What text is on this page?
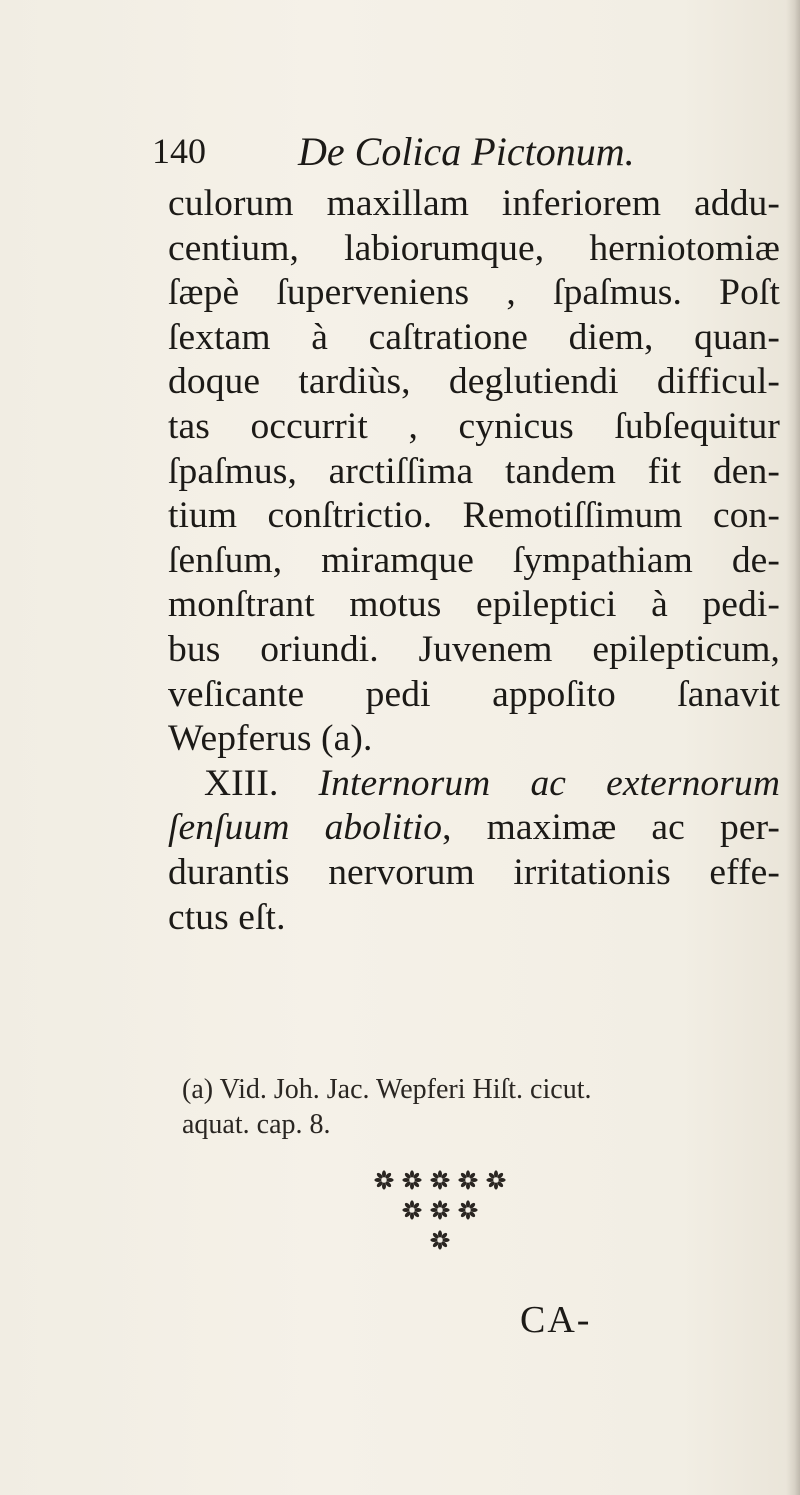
140 De Colica Pictonum.
culorum maxillam inferiorem addu-
centium, labiorumque, herniotomiæ
ſæpè ſuperveniens , ſpaſmus. Poſt
ſextam à caſtratione diem, quan-
doque tardiùs, deglutiendi difficul-
tas occurrit , cynicus ſubſequitur
ſpaſmus, arctiſſima tandem fit den-
tium conſtrictio. Remotiſſimum con-
ſenſum, miramque ſympathiam de-
monſtrant motus epileptici à pedi-
bus oriundi. Juvenem epilepticum,
veſicante pedi appoſito ſanavit
Wepferus (a).
XIII. Internorum ac externorum
ſenſuum abolitio, maximæ ac per-
durantis nervorum irritationis effe-
ctus eſt.
(a) Vid. Joh. Jac. Wepferi Hiſt. cicut.
aquat. cap. 8.
CA-
